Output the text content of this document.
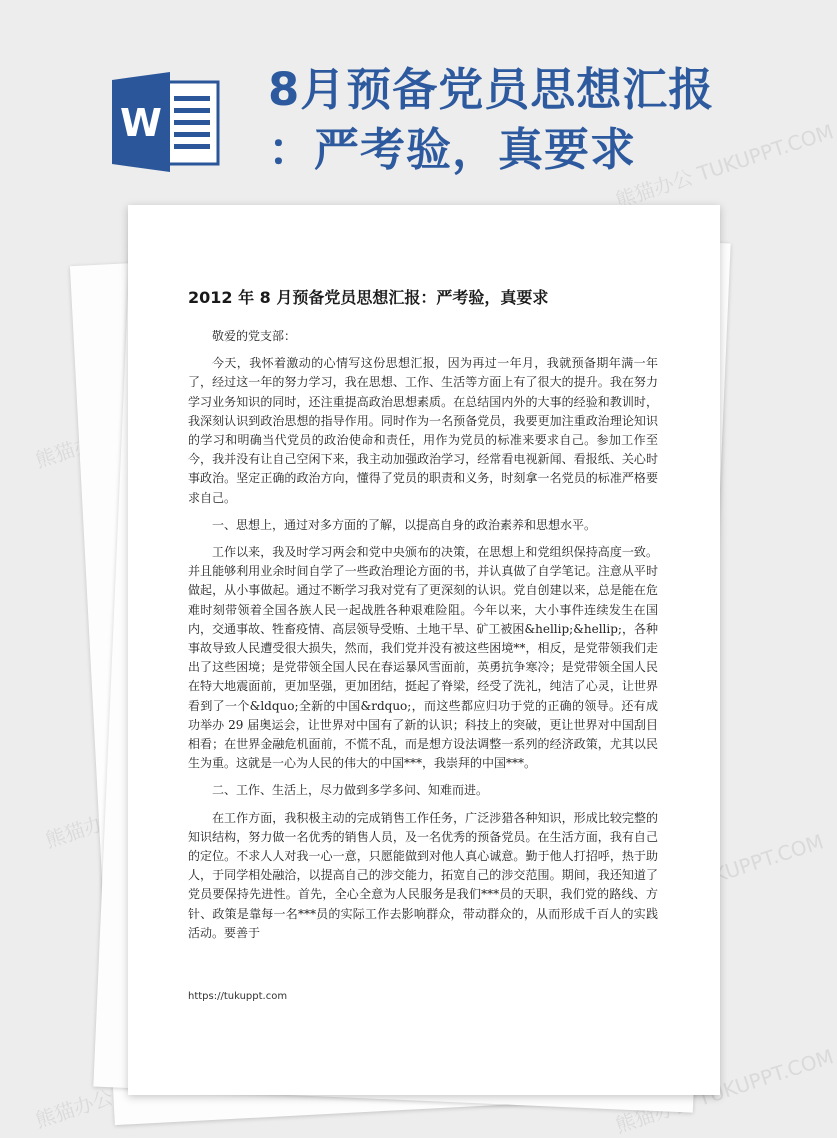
W
8月预备党员思想汇报
：严考验，真要求
熊猫办公 TUKUPPT.COM
熊猫办公
熊猫办公
TUKUPPT.COM
熊猫办公	熊猫办公 TUKUPPT.COM
2012 年 8 月预备党员思想汇报：严考验，真要求

敬爱的党支部：

今天，我怀着激动的心情写这份思想汇报，因为再过一年月，我就预备期年满一年了，经过这一年的努力学习，我在思想、工作、生活等方面上有了很大的提升。我在努力学习业务知识的同时，还注重提高政治思想素质。在总结国内外的大事的经验和教训时，我深刻认识到政治思想的指导作用。同时作为一名预备党员，我要更加注重政治理论知识的学习和明确当代党员的政治使命和责任，用作为党员的标准来要求自己。参加工作至今，我并没有让自己空闲下来，我主动加强政治学习，经常看电视新闻、看报纸、关心时事政治。坚定正确的政治方向，懂得了党员的职责和义务，时刻拿一名党员的标准严格要求自己。

一、思想上，通过对多方面的了解，以提高自身的政治素养和思想水平。

工作以来，我及时学习两会和党中央颁布的决策，在思想上和党组织保持高度一致。并且能够利用业余时间自学了一些政治理论方面的书，并认真做了自学笔记。注意从平时做起，从小事做起。通过不断学习我对党有了更深刻的认识。党自创建以来，总是能在危难时刻带领着全国各族人民一起战胜各种艰难险阻。今年以来，大小事件连续发生在国内，交通事故、牲畜疫情、高层领导受贿、土地干旱、矿工被困&hellip;&hellip;，各种事故导致人民遭受很大损失，然而，我们党并没有被这些困境**，相反，是党带领我们走出了这些困境；是党带领全国人民在春运暴风雪面前，英勇抗争寒冷；是党带领全国人民在特大地震面前，更加坚强，更加团结，挺起了脊梁，经受了洗礼，纯洁了心灵，让世界看到了一个&ldquo;全新的中国&rdquo;，而这些都应归功于党的正确的领导。还有成功举办 29 届奥运会，让世界对中国有了新的认识；科技上的突破，更让世界对中国刮目相看；在世界金融危机面前，不慌不乱，而是想方设法调整一系列的经济政策，尤其以民生为重。这就是一心为人民的伟大的中国***，我崇拜的中国***。

二、工作、生活上，尽力做到多学多问、知难而进。

在工作方面，我积极主动的完成销售工作任务，广泛涉猎各种知识，形成比较完整的知识结构，努力做一名优秀的销售人员，及一名优秀的预备党员。在生活方面，我有自己的定位。不求人人对我一心一意，只愿能做到对他人真心诚意。勤于他人打招呼，热于助人，于同学相处融洽，以提高自己的涉交能力，拓宽自己的涉交范围。期间，我还知道了党员要保持先进性。首先，全心全意为人民服务是我们***员的天职，我们党的路线、方针、政策是靠每一名***员的实际工作去影响群众，带动群众的，从而形成千百人的实践活动。要善于

https://tukuppt.com
